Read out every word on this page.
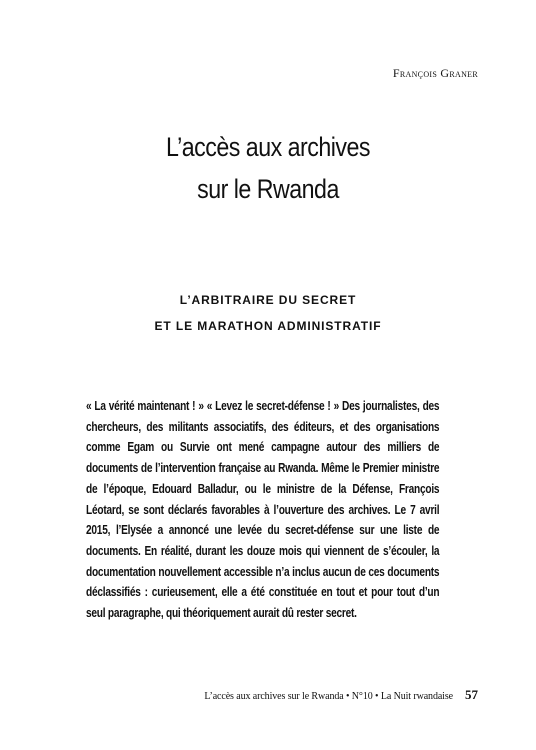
François Graner
L’accès aux archives
sur le Rwanda
L’ARBITRAIRE DU SECRET
ET LE MARATHON ADMINISTRATIF

« La vérité maintenant ! » « Levez le secret-défense ! » Des journalistes, des chercheurs, des militants associatifs, des éditeurs, et des organisations comme Egam ou Survie ont mené campagne autour des milliers de documents de l’intervention française au Rwanda. Même le Premier ministre de l’époque, Edouard Balladur, ou le ministre de la Défense, François Léotard, se sont déclarés favorables à l’ouverture des archives. Le 7 avril 2015, l’Elysée a annoncé une levée du secret-défense sur une liste de documents. En réalité, durant les douze mois qui viennent de s’écouler, la documentation nouvellement accessible n’a inclus aucun de ces documents déclassifiés : curieusement, elle a été constituée en tout et pour tout d’un seul paragraphe, qui théoriquement aurait dû rester secret.

L’accès aux archives sur le Rwanda • N°10 • La Nuit rwandaise 57
